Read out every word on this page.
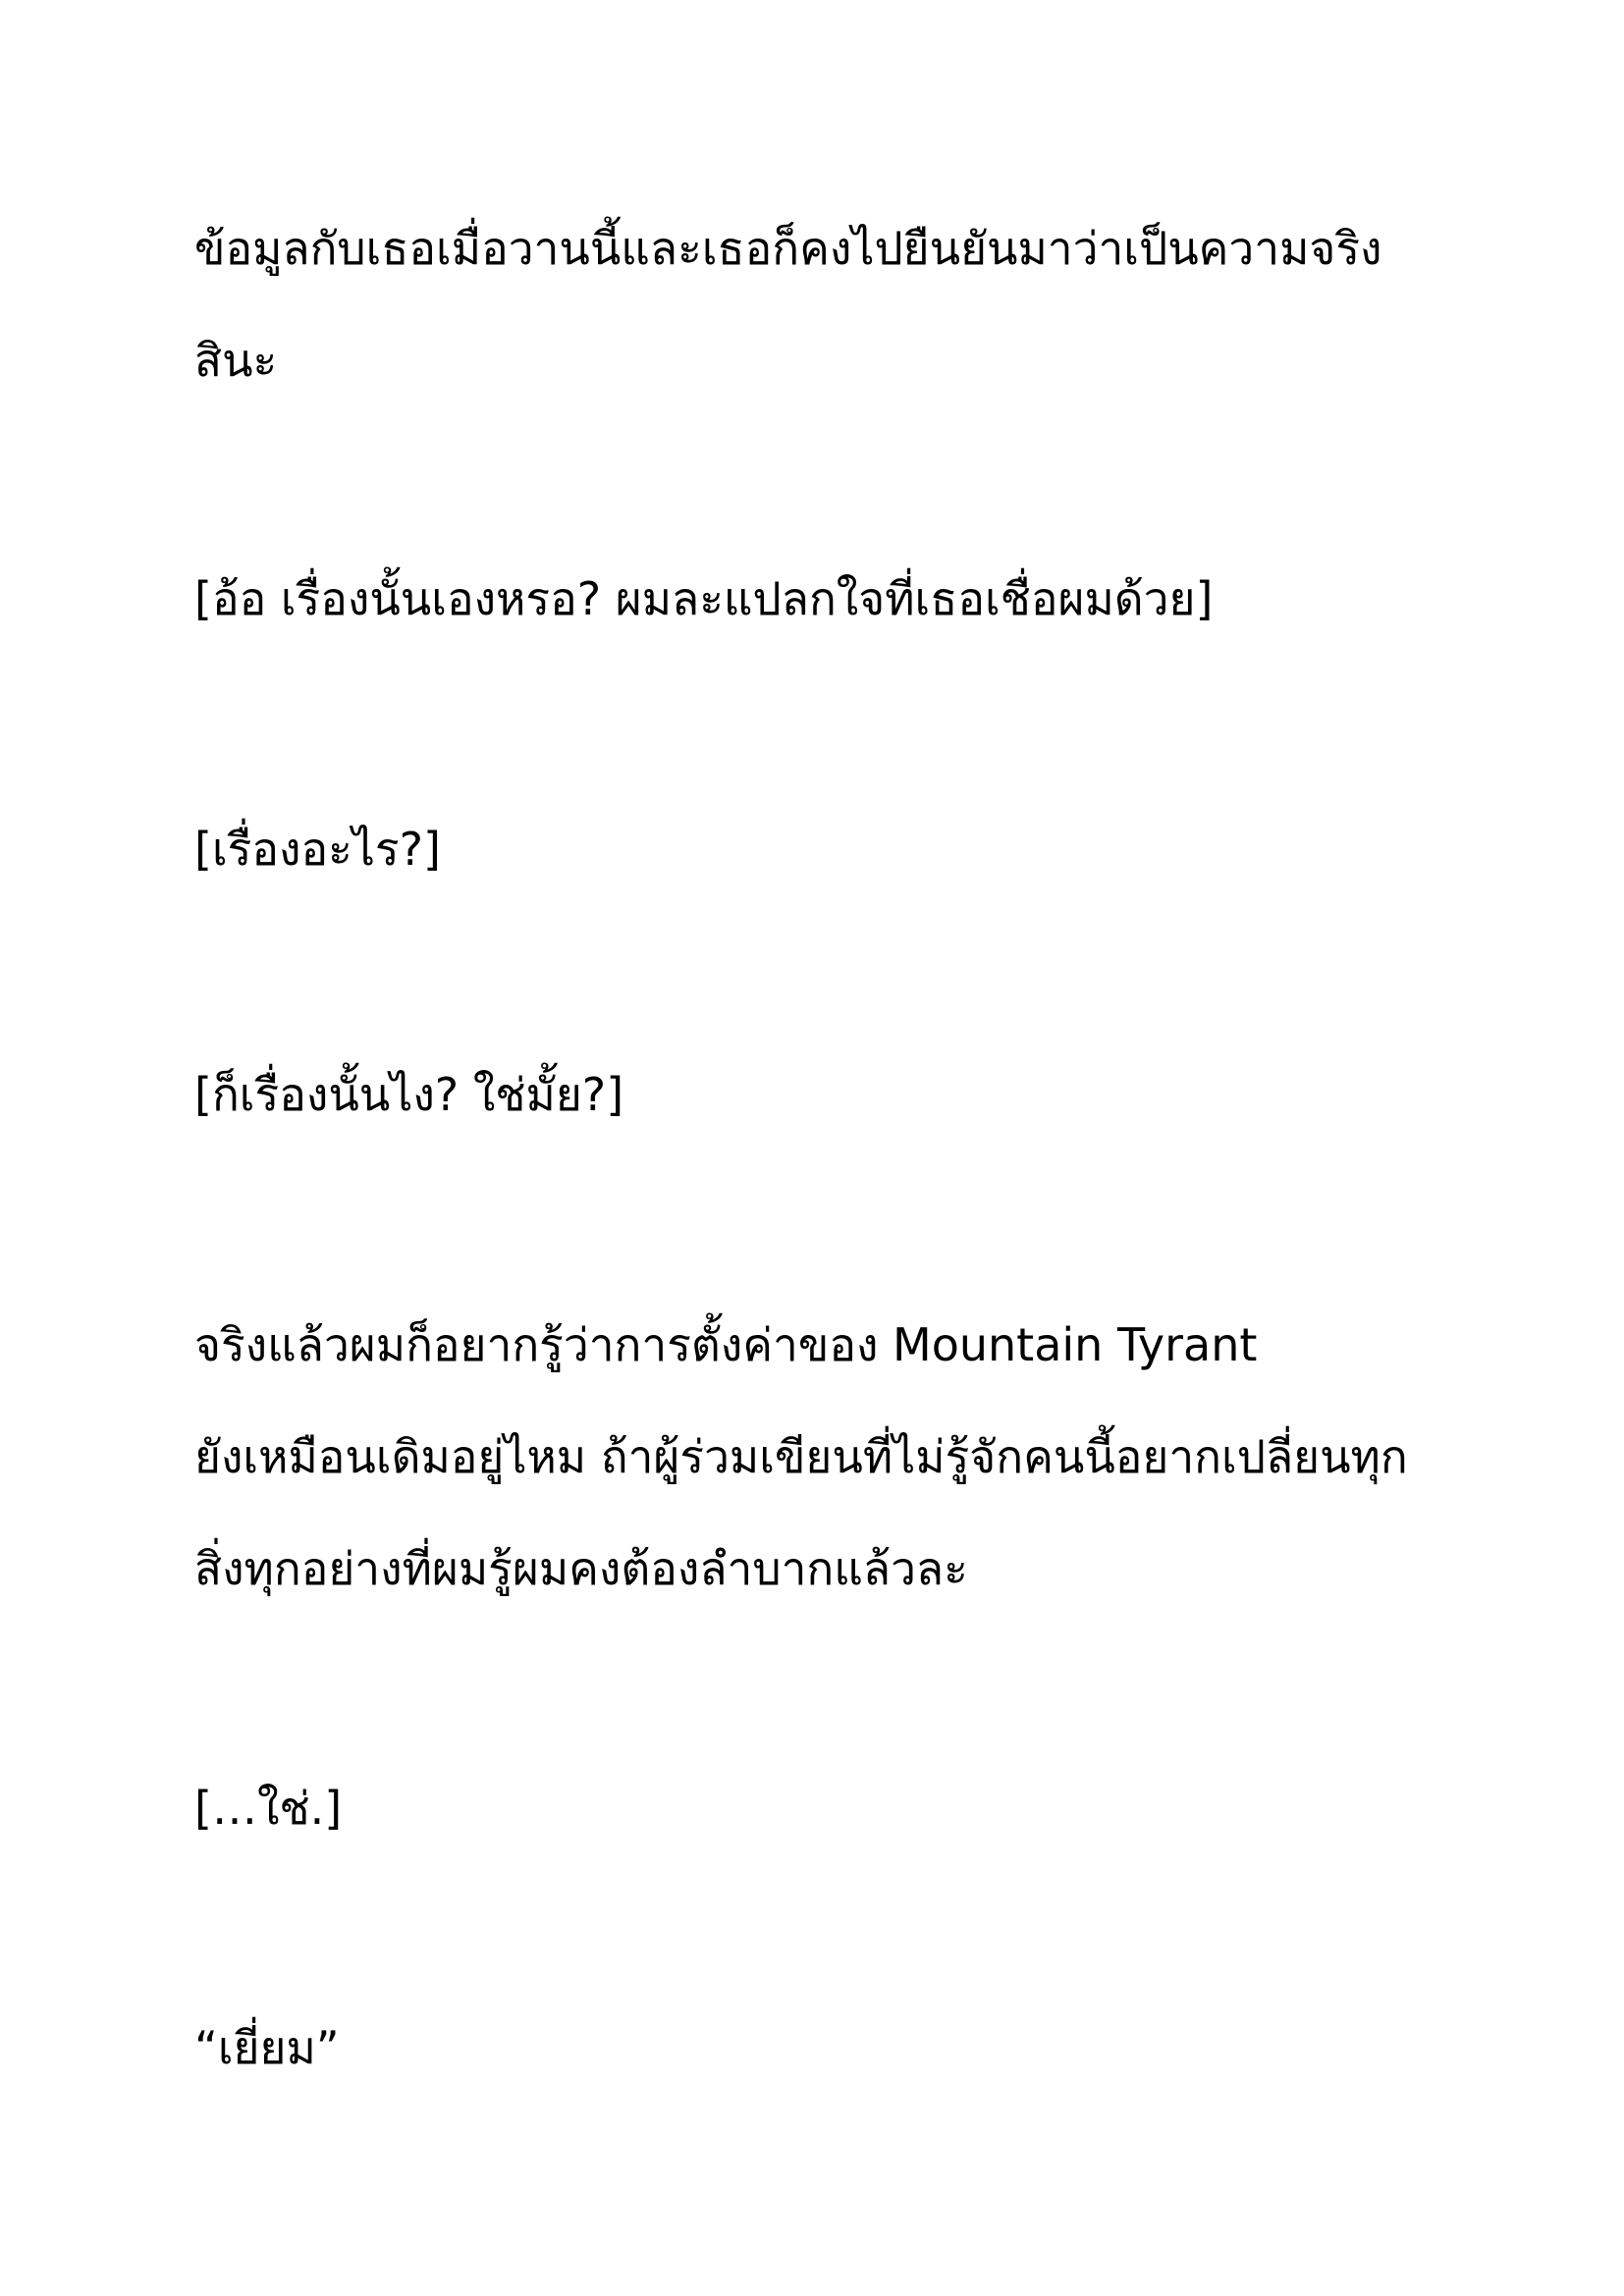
ข้อมูลกับเธอเมื่อวานนี้และเธอก็คงไปยืนยันมาว่าเป็นความจริง
สินะ

[อ้อ เรื่องนั้นเองหรอ? ผมละแปลกใจที่เธอเชื่อผมด้วย]

[เรื่องอะไร?]

[ก็เรื่องนั้นไง? ใช่มั้ย?]

จริงแล้วผมก็อยากรู้ว่าการตั้งค่าของ Mountain Tyrant
ยังเหมือนเดิมอยู่ไหม ถ้าผู้ร่วมเขียนที่ไม่รู้จักคนนี้อยากเปลี่ยนทุก
สิ่งทุกอย่างที่ผมรู้ผมคงต้องลำบากแล้วละ

[…ใช่.]

“เยี่ยม”
